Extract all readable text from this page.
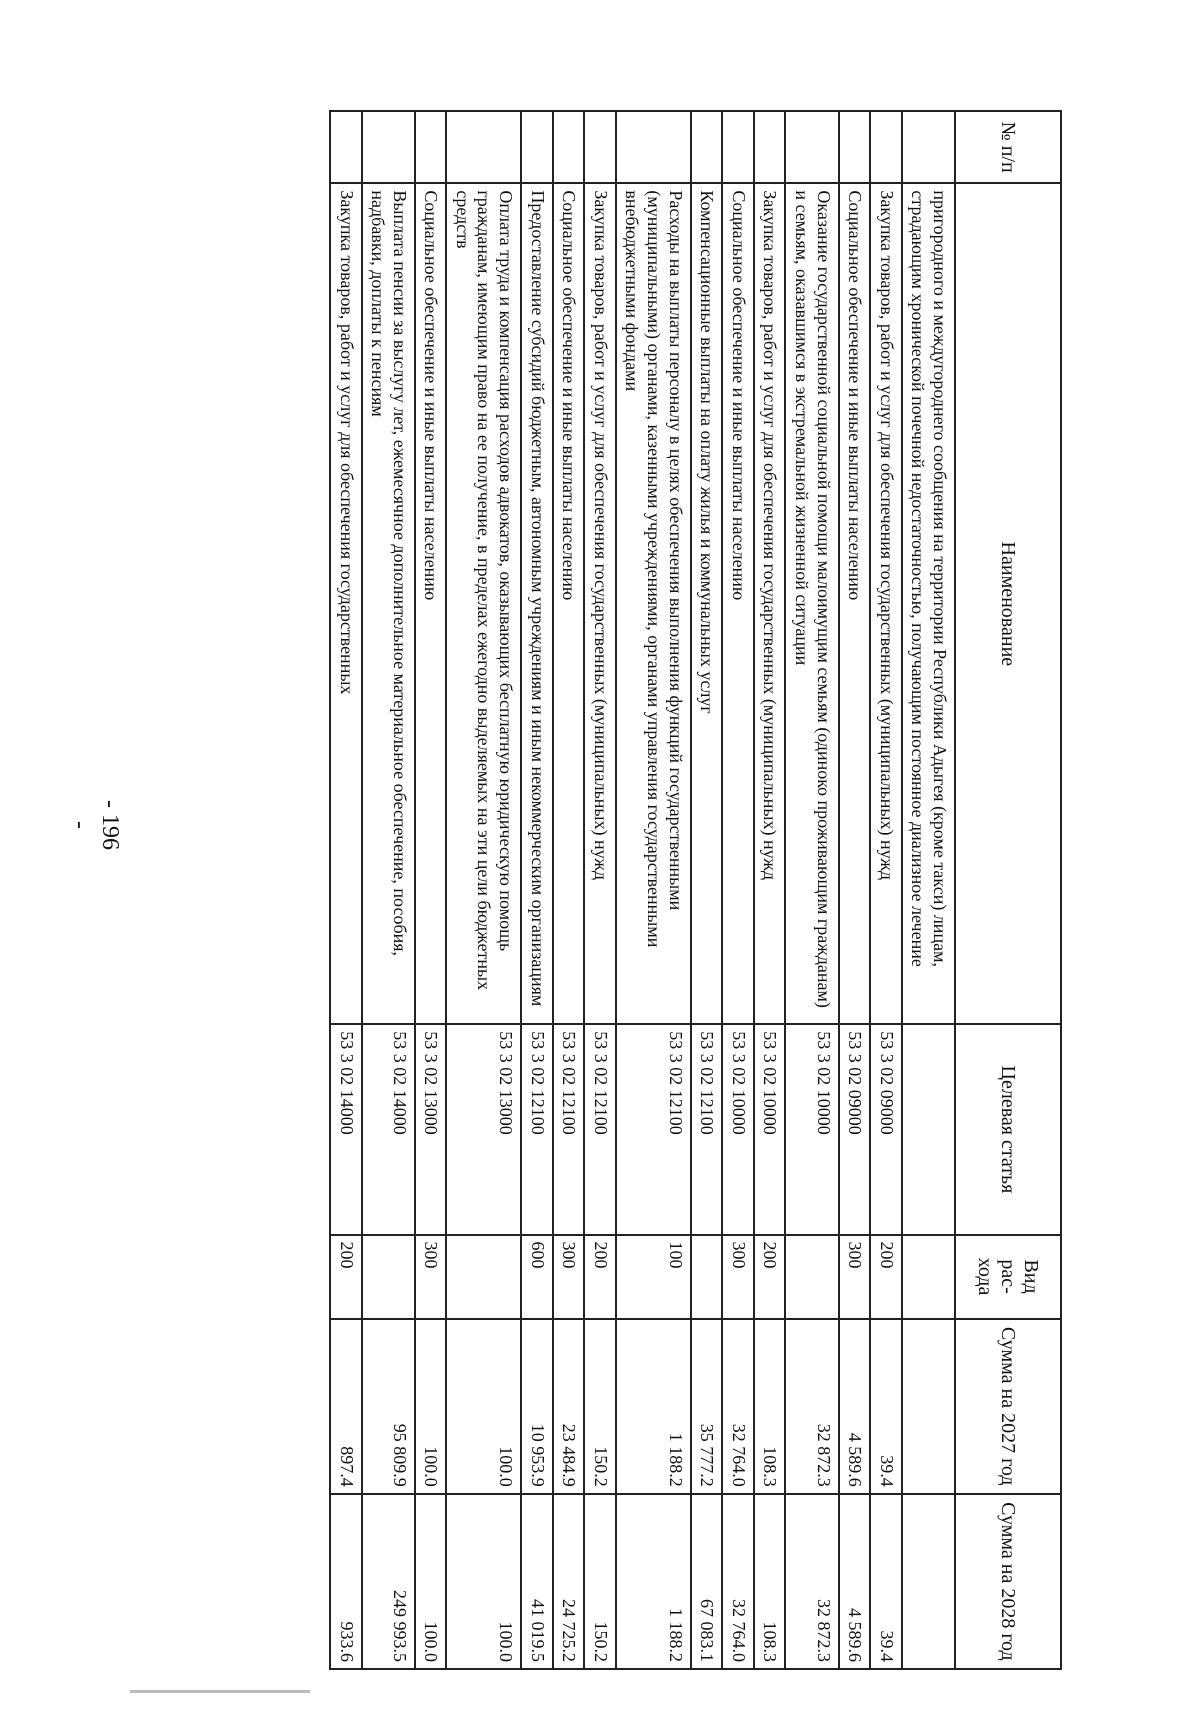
- 196 -
№ п/п	Наименование	Целевая статья	Вид рас- хода	Сумма на 2027 год	Сумма на 2028 год
	пригородного и междугороднего сообщения на территории Республики Адыгея (кроме такси) лицам, страдающим хронической почечной недостаточностью, получающим постоянное диализное лечение				
	Закупка товаров, работ и услуг для обеспечения государственных (муниципальных) нужд	53 3 02 09000	200	39.4	39.4
	Социальное обеспечение и иные выплаты населению	53 3 02 09000	300	4 589.6	4 589.6
	Оказание государственной социальной помощи малоимущим семьям (одиноко проживающим гражданам) и семьям, оказавшимся в экстремальной жизненной ситуации	53 3 02 10000		32 872.3	32 872.3
	Закупка товаров, работ и услуг для обеспечения государственных (муниципальных) нужд	53 3 02 10000	200	108.3	108.3
	Социальное обеспечение и иные выплаты населению	53 3 02 10000	300	32 764.0	32 764.0
	Компенсационные выплаты на оплату жилья и коммунальных услуг	53 3 02 12100		35 777.2	67 083.1
	Расходы на выплаты персоналу в целях обеспечения выполнения функций государственными (муниципальными) органами, казенными учреждениями, органами управления государственными внебюджетными фондами	53 3 02 12100	100	1 188.2	1 188.2
	Закупка товаров, работ и услуг для обеспечения государственных (муниципальных) нужд	53 3 02 12100	200	150.2	150.2
	Социальное обеспечение и иные выплаты населению	53 3 02 12100	300	23 484.9	24 725.2
	Предоставление субсидий бюджетным, автономным учреждениям и иным некоммерческим организациям	53 3 02 12100	600	10 953.9	41 019.5
	Оплата труда и компенсация расходов адвокатов, оказывающих бесплатную юридическую помощь гражданам, имеющим право на ее получение, в пределах ежегодно выделяемых на эти цели бюджетных средств	53 3 02 13000		100.0	100.0
	Социальное обеспечение и иные выплаты населению	53 3 02 13000	300	100.0	100.0
	Выплата пенсии за выслугу лет, ежемесячное дополнительное материальное обеспечение, пособия, надбавки, доплаты к пенсиям	53 3 02 14000		95 809.9	249 993.5
	Закупка товаров, работ и услуг для обеспечения государственных	53 3 02 14000	200	897.4	933.6
